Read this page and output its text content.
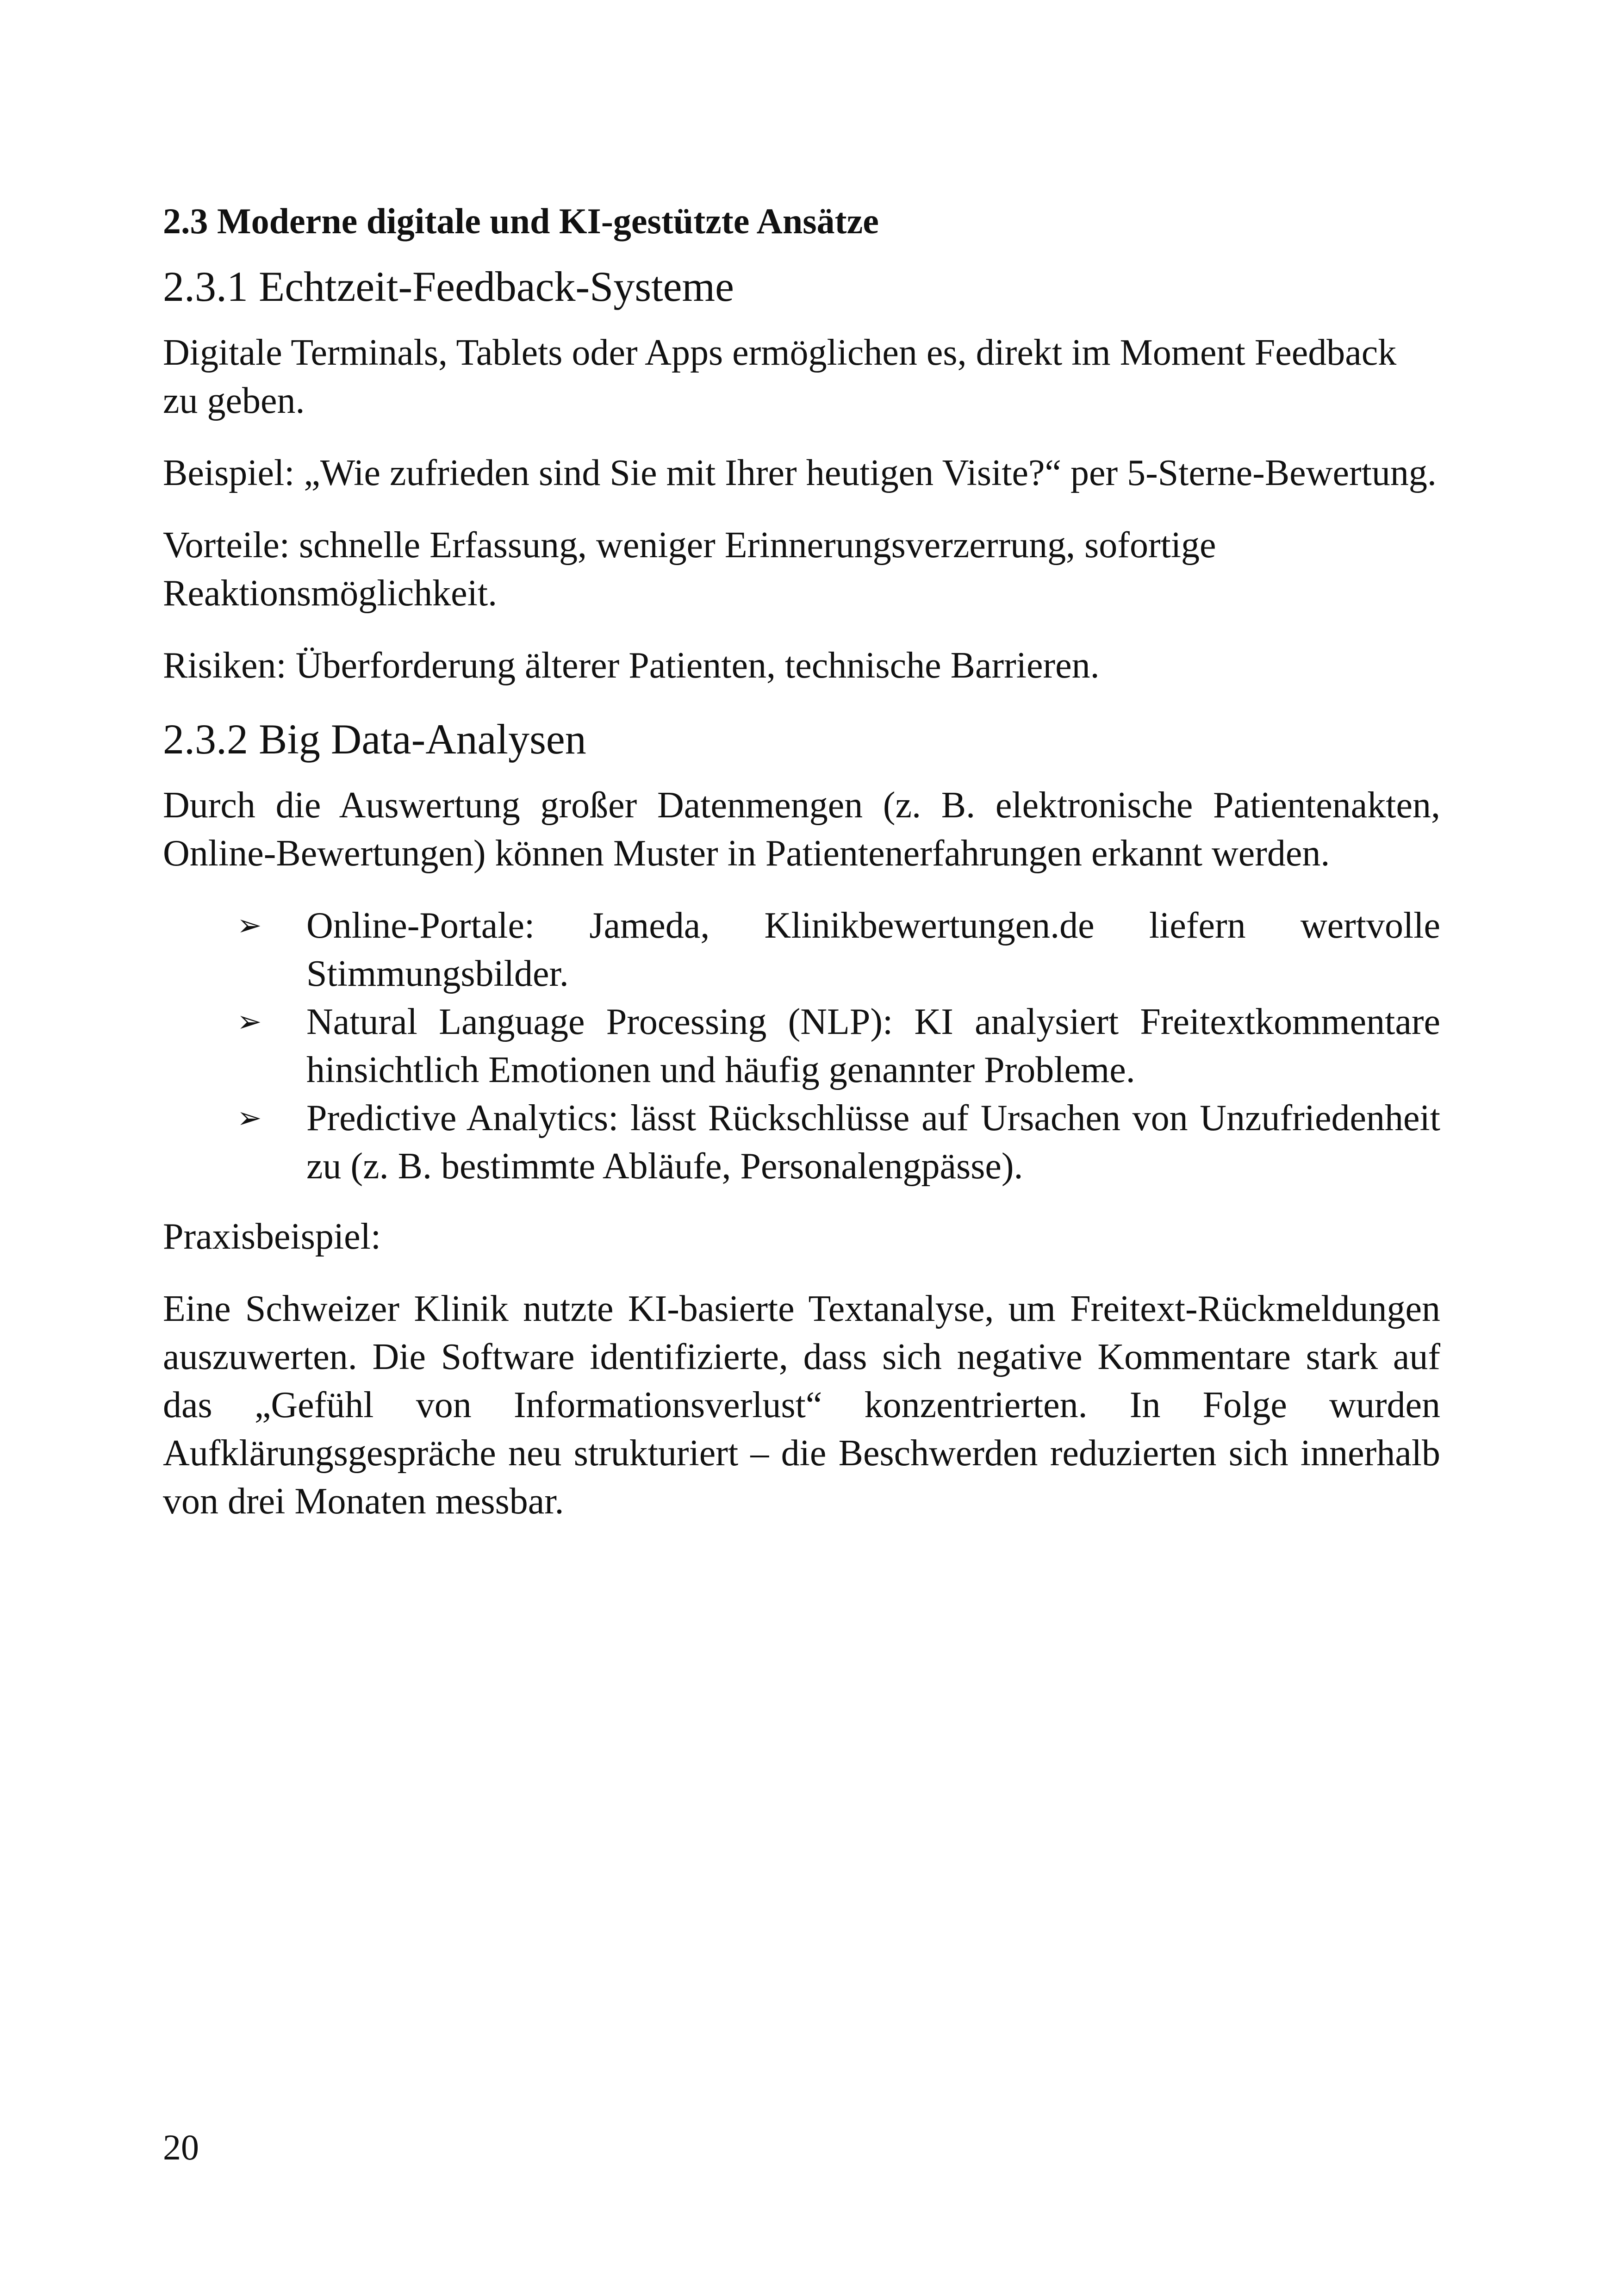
2.3 Moderne digitale und KI-gestützte Ansätze
2.3.1 Echtzeit-Feedback-Systeme

Digitale Terminals, Tablets oder Apps ermöglichen es, direkt im Moment Feedback zu geben.

Beispiel: „Wie zufrieden sind Sie mit Ihrer heutigen Visite?“ per 5-Sterne-Bewertung.

Vorteile: schnelle Erfassung, weniger Erinnerungsverzerrung, sofortige Reaktionsmöglichkeit.

Risiken: Überforderung älterer Patienten, technische Barrieren.

2.3.2 Big Data-Analysen

Durch die Auswertung großer Datenmengen (z. B. elektronische Patientenakten, Online-Bewertungen) können Muster in Patientenerfahrungen erkannt werden.

➢ Online-Portale: Jameda, Klinikbewertungen.de liefern wertvolle Stimmungsbilder.
➢ Natural Language Processing (NLP): KI analysiert Freitextkommentare hinsichtlich Emotionen und häufig genannter Probleme.
➢ Predictive Analytics: lässt Rückschlüsse auf Ursachen von Unzufriedenheit zu (z. B. bestimmte Abläufe, Personalengpässe).

Praxisbeispiel:

Eine Schweizer Klinik nutzte KI-basierte Textanalyse, um Freitext-Rückmeldungen auszuwerten. Die Software identifizierte, dass sich negative Kommentare stark auf das „Gefühl von Informationsverlust“ konzentrierten. In Folge wurden Aufklärungsgespräche neu strukturiert – die Beschwerden reduzierten sich innerhalb von drei Monaten messbar.

20
